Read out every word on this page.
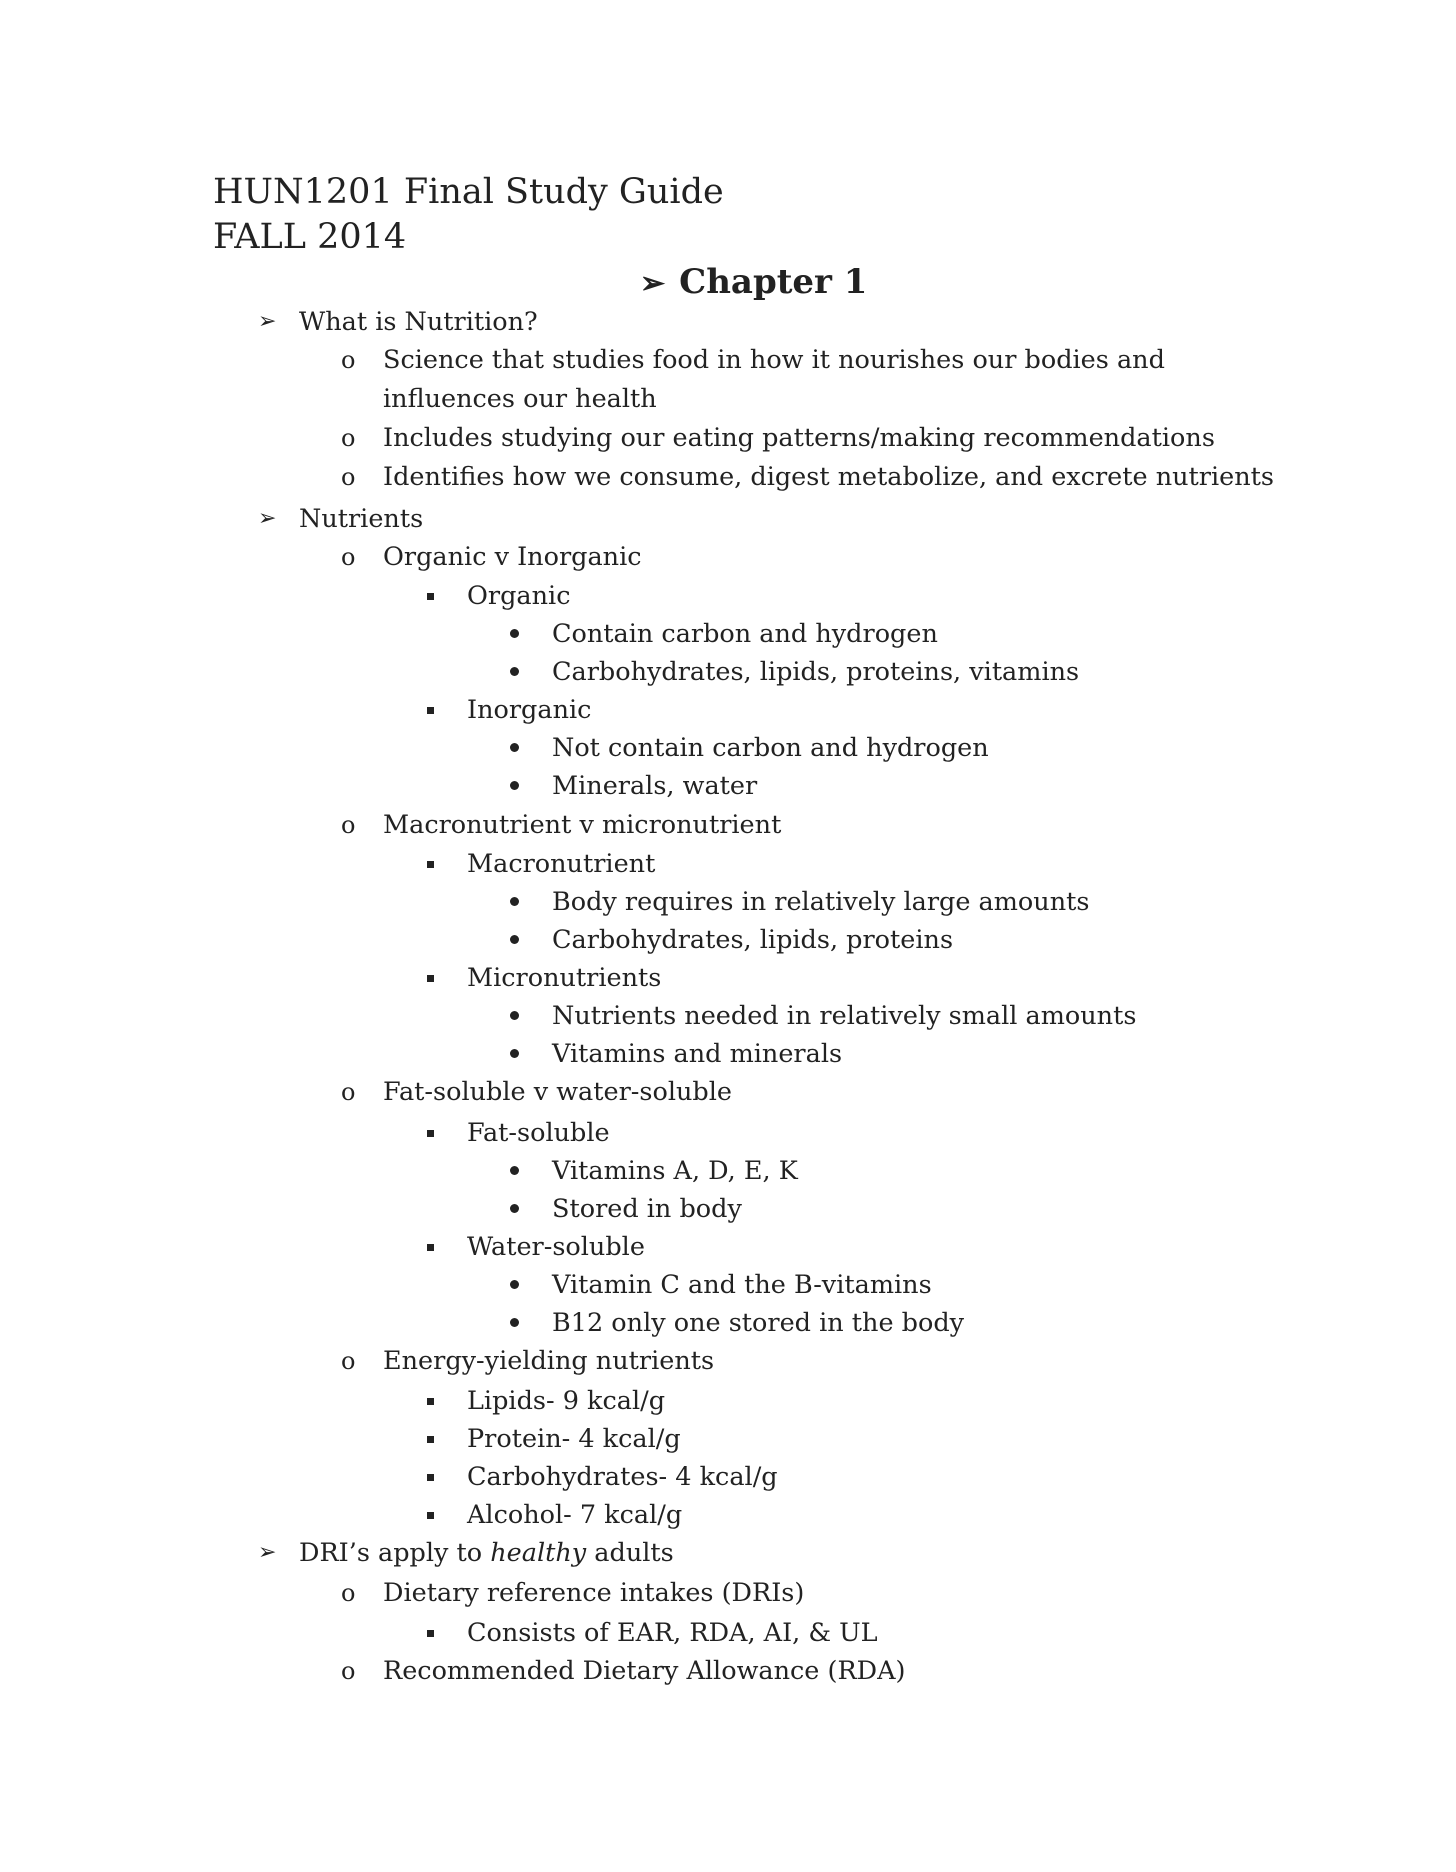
HUN1201 Final Study Guide
FALL 2014
➢ Chapter 1
➢ What is Nutrition?
o Science that studies food in how it nourishes our bodies and
influences our health
o Includes studying our eating patterns/making recommendations
o Identifies how we consume, digest metabolize, and excrete nutrients
➢ Nutrients
o Organic v Inorganic
Organic
Contain carbon and hydrogen
Carbohydrates, lipids, proteins, vitamins
Inorganic
Not contain carbon and hydrogen
Minerals, water
o Macronutrient v micronutrient
Macronutrient
Body requires in relatively large amounts
Carbohydrates, lipids, proteins
Micronutrients
Nutrients needed in relatively small amounts
Vitamins and minerals
o Fat-soluble v water-soluble
Fat-soluble
Vitamins A, D, E, K
Stored in body
Water-soluble
Vitamin C and the B-vitamins
B12 only one stored in the body
o Energy-yielding nutrients
Lipids- 9 kcal/g
Protein- 4 kcal/g
Carbohydrates- 4 kcal/g
Alcohol- 7 kcal/g
➢ DRI’s apply to healthy adults
o Dietary reference intakes (DRIs)
Consists of EAR, RDA, AI, & UL
o Recommended Dietary Allowance (RDA)
